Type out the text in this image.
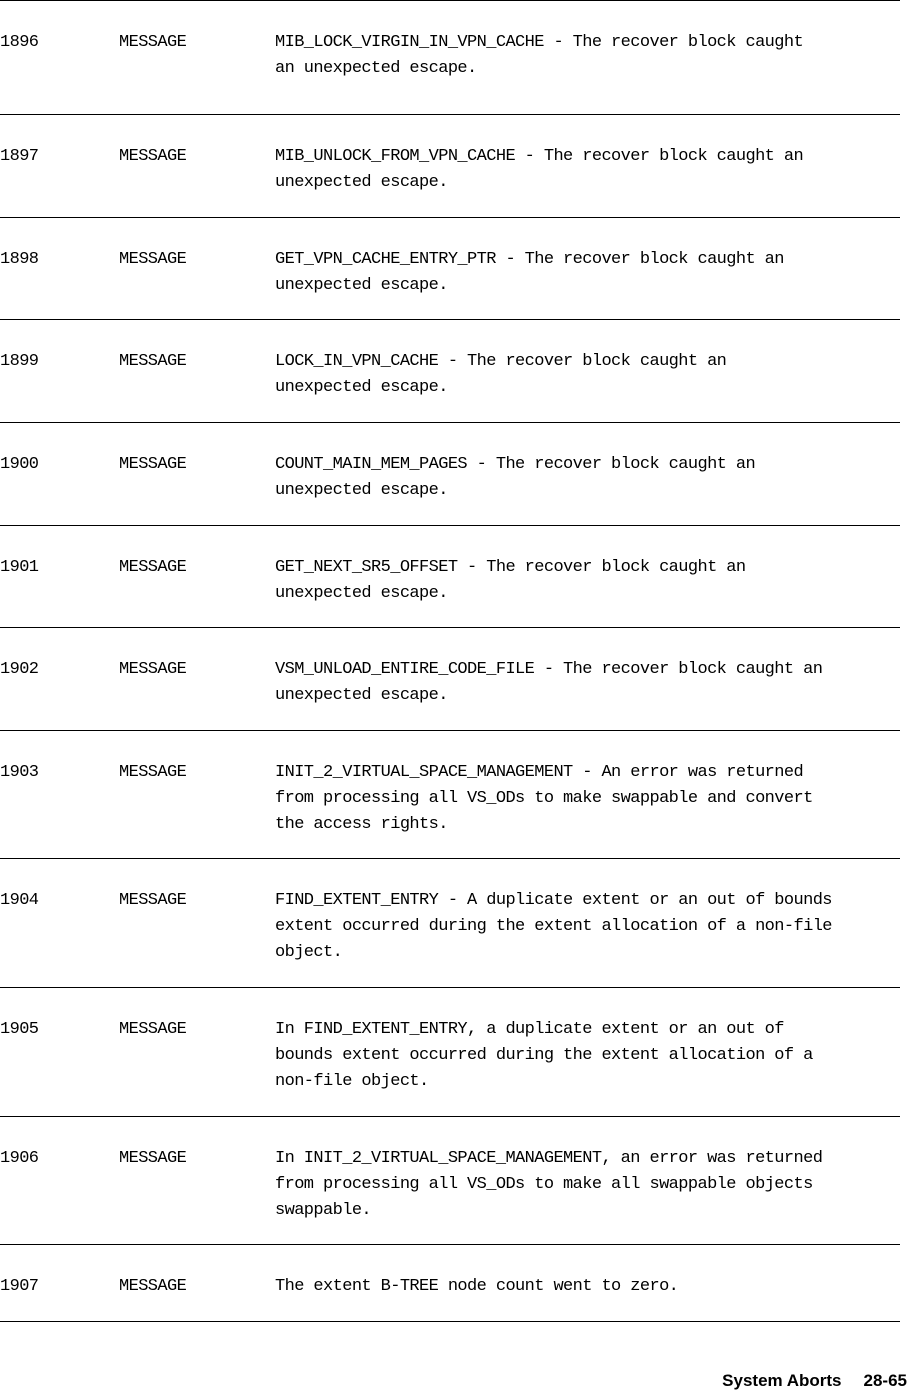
1896	MESSAGE	MIB_LOCK_VIRGIN_IN_VPN_CACHE - The recover block caught
an unexpected escape.
1897	MESSAGE	MIB_UNLOCK_FROM_VPN_CACHE - The recover block caught an
unexpected escape.
1898	MESSAGE	GET_VPN_CACHE_ENTRY_PTR - The recover block caught an
unexpected escape.
1899	MESSAGE	LOCK_IN_VPN_CACHE - The recover block caught an
unexpected escape.
1900	MESSAGE	COUNT_MAIN_MEM_PAGES - The recover block caught an
unexpected escape.
1901	MESSAGE	GET_NEXT_SR5_OFFSET - The recover block caught an
unexpected escape.
1902	MESSAGE	VSM_UNLOAD_ENTIRE_CODE_FILE - The recover block caught an
unexpected escape.
1903	MESSAGE	INIT_2_VIRTUAL_SPACE_MANAGEMENT - An error was returned
from processing all VS_ODs to make swappable and convert
the access rights.
1904	MESSAGE	FIND_EXTENT_ENTRY - A duplicate extent or an out of bounds
extent occurred during the extent allocation of a non-file
object.
1905	MESSAGE	In FIND_EXTENT_ENTRY, a duplicate extent or an out of
bounds extent occurred during the extent allocation of a
non-file object.
1906	MESSAGE	In INIT_2_VIRTUAL_SPACE_MANAGEMENT, an error was returned
from processing all VS_ODs to make all swappable objects
swappable.
1907	MESSAGE	The extent B-TREE node count went to zero.
System Aborts 28-65
